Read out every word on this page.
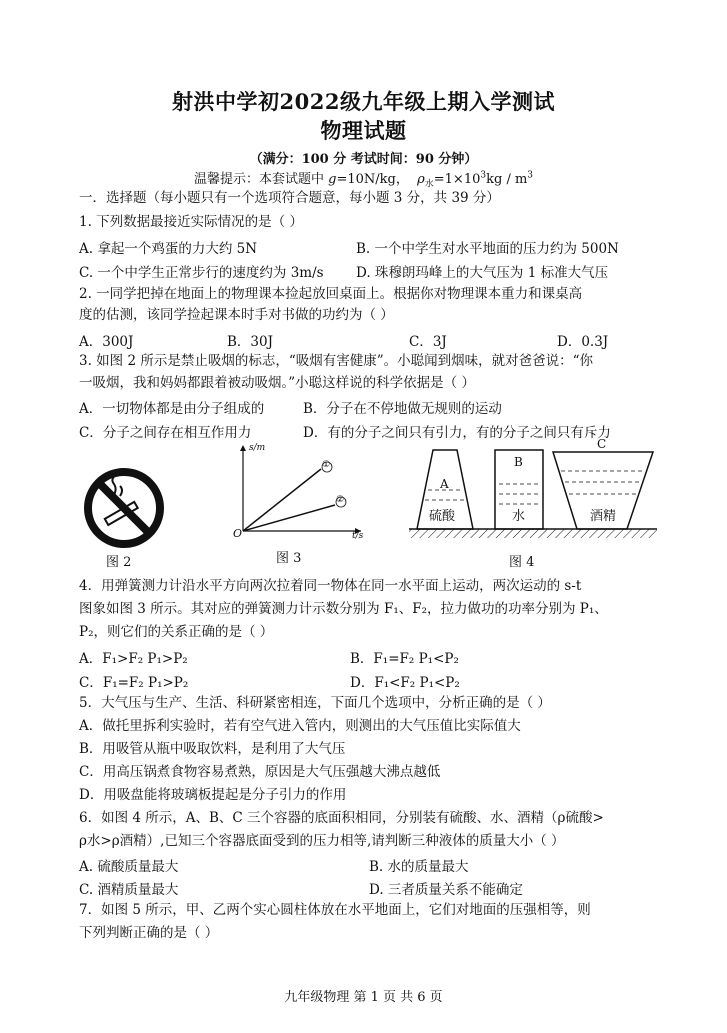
射洪中学初2022级九年级上期入学测试
物理试题
（满分：100 分 考试时间：90 分钟）
温馨提示：本套试题中 g=10N/kg， $\rho_水=1\times 10^3kg / m^3$
一．选择题（每小题只有一个选项符合题意，每小题 3 分，共 39 分）
1. 下列数据最接近实际情况的是（ ）
A. 拿起一个鸡蛋的力大约 5N	B. 一个中学生对水平地面的压力约为 500N
C. 一个中学生正常步行的速度约为 3m/s D. 珠穆朗玛峰上的大气压为 1 标准大气压
2. 一同学把掉在地面上的物理课本捡起放回桌面上。根据你对物理课本重力和课桌高
度的估测，该同学捡起课本时手对书做的功约为（ ）
A．300J	B．30J	C．3J	D．0.3J
3. 如图 2 所示是禁止吸烟的标志，“吸烟有害健康”。小聪闻到烟味，就对爸爸说：“你
一吸烟，我和妈妈都跟着被动吸烟。”小聪这样说的科学依据是（ ）
A．一切物体都是由分子组成的	B．分子在不停地做无规则的运动
C．分子之间存在相互作用力	D．有的分子之间只有引力，有的分子之间只有斥力
图 2
s/m
t/s
O
①
②
图 3
A
B
C
硫酸	水	酒精
图 4
4．用弹簧测力计沿水平方向两次拉着同一物体在同一水平面上运动，两次运动的 s-t
图象如图 3 所示。其对应的弹簧测力计示数分别为 F₁、F₂，拉力做功的功率分别为 P₁、
P₂，则它们的关系正确的是（ ）
A．F₁>F₂ P₁>P₂	B．F₁=F₂ P₁<P₂
C．F₁=F₂ P₁>P₂	D．F₁<F₂ P₁<P₂
5．大气压与生产、生活、科研紧密相连，下面几个选项中，分析正确的是（ ）
A．做托里拆利实验时，若有空气进入管内，则测出的大气压值比实际值大
B．用吸管从瓶中吸取饮料，是利用了大气压
C．用高压锅煮食物容易煮熟，原因是大气压强越大沸点越低
D．用吸盘能将玻璃板提起是分子引力的作用
6．如图 4 所示，A、B、C 三个容器的底面积相同，分别装有硫酸、水、酒精（ρ硫酸>
ρ水>ρ酒精）,已知三个容器底面受到的压力相等,请判断三种液体的质量大小（ ）
A. 硫酸质量最大	B. 水的质量最大
C. 酒精质量最大	D. 三者质量关系不能确定
7．如图 5 所示，甲、乙两个实心圆柱体放在水平地面上，它们对地面的压强相等，则
下列判断正确的是（ ）
九年级物理 第 1 页 共 6 页
